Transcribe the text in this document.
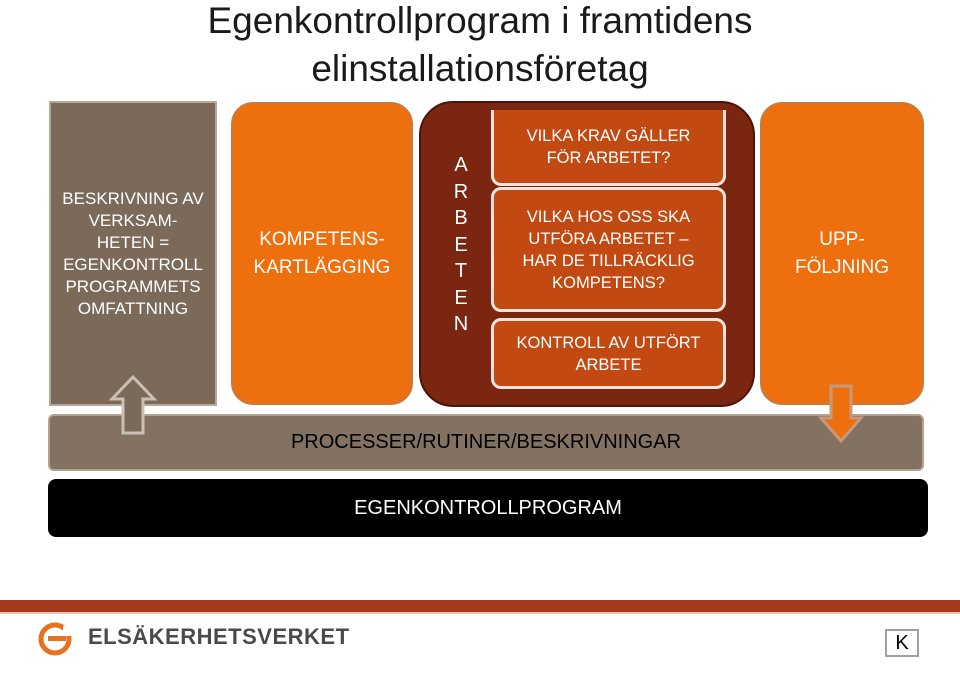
Egenkontrollprogram i framtidens
elinstallationsföretag
BESKRIVNING AV
VERKSAM-
HETEN =
EGENKONTROLL
PROGRAMMETS
OMFATTNING
KOMPETENS-
KARTLÄGGING
A
R
B
E
T
E
N
VILKA KRAV GÄLLER
FÖR ARBETET?
VILKA HOS OSS SKA
UTFÖRA ARBETET –
HAR DE TILLRÄCKLIG
KOMPETENS?
KONTROLL AV UTFÖRT
ARBETE
UPP-
FÖLJNING
PROCESSER/RUTINER/BESKRIVNINGAR
EGENKONTROLLPROGRAM
ELSÄKERHETSVERKET	K
